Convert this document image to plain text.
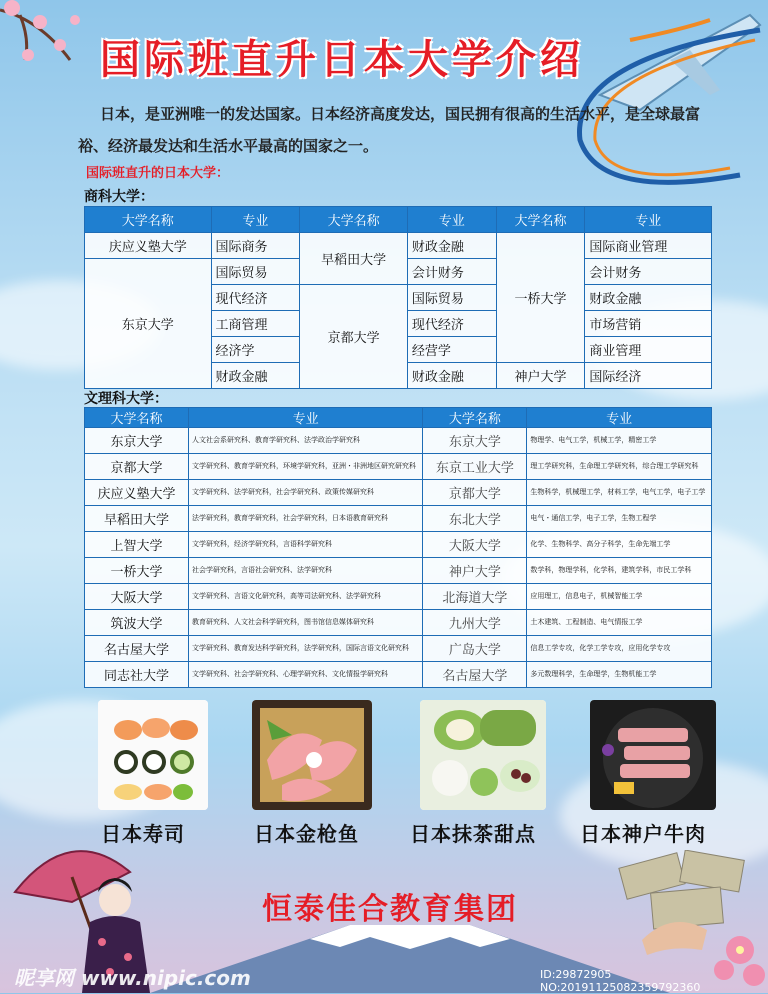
国际班直升日本大学介绍
日本，是亚洲唯一的发达国家。日本经济高度发达，国民拥有很高的生活水平，是全球最富裕、经济最发达和生活水平最高的国家之一。
国际班直升的日本大学：
商科大学：
大学名称	专业	大学名称	专业	大学名称	专业
庆应义塾大学	国际商务	早稻田大学	财政金融	一桥大学	国际商业管理
东京大学	国际贸易		会计财务		会计财务
	现代经济	京都大学	国际贸易		财政金融
	工商管理		现代经济		市场营销
	经济学		经营学		商业管理
	财政金融		财政金融	神户大学	国际经济
文理科大学：
大学名称	专业	大学名称	专业
东京大学	人文社会系研究科、教育学研究科、法学政治学研究科	东京大学	物理学、电气工学，机械工学，精密工学
京都大学	文学研究科、教育学研究科，环境学研究科，亚洲・非洲地区研究研究科	东京工业大学	理工学研究科，生命理工学研究科，综合理工学研究科
庆应义塾大学	文学研究科、法学研究科，社会学研究科、政策传媒研究科	京都大学	生物科学，机械理工学，材料工学，电气工学，电子工学
早稻田大学	法学研究科，教育学研究科，社会学研究科，日本语教育研究科	东北大学	电气・通信工学，电子工学，生物工程学
上智大学	文学研究科，经济学研究科，言语科学研究科	大阪大学	化学、生物科学、高分子科学，生命先端工学
一桥大学	社会学研究科，言语社会研究科、法学研究科	神户大学	数学科，物理学科，化学科，建筑学科，市民工学科
大阪大学	文学研究科、言语文化研究科，高等司法研究科、法学研究科	北海道大学	应用理工，信息电子，机械智能工学
筑波大学	教育研究科、人文社会科学研究科，图书馆信息媒体研究科	九州大学	土木建筑、工程制造、电气情报工学
名古屋大学	文学研究科、教育发达科学研究科，法学研究科，国际言语文化研究科	广岛大学	信息工学专攻，化学工学专攻，应用化学专攻
同志社大学	文学研究科、社会学研究科、心理学研究科、文化情报学研究科	名古屋大学	多元数理科学，生命理学，生物机能工学
日本寿司	日本金枪鱼	日本抹茶甜点 日本神户牛肉
恒泰佳合教育集团
昵享网 www.nipic.com	ID:29872905 NO:20191125082359792360
